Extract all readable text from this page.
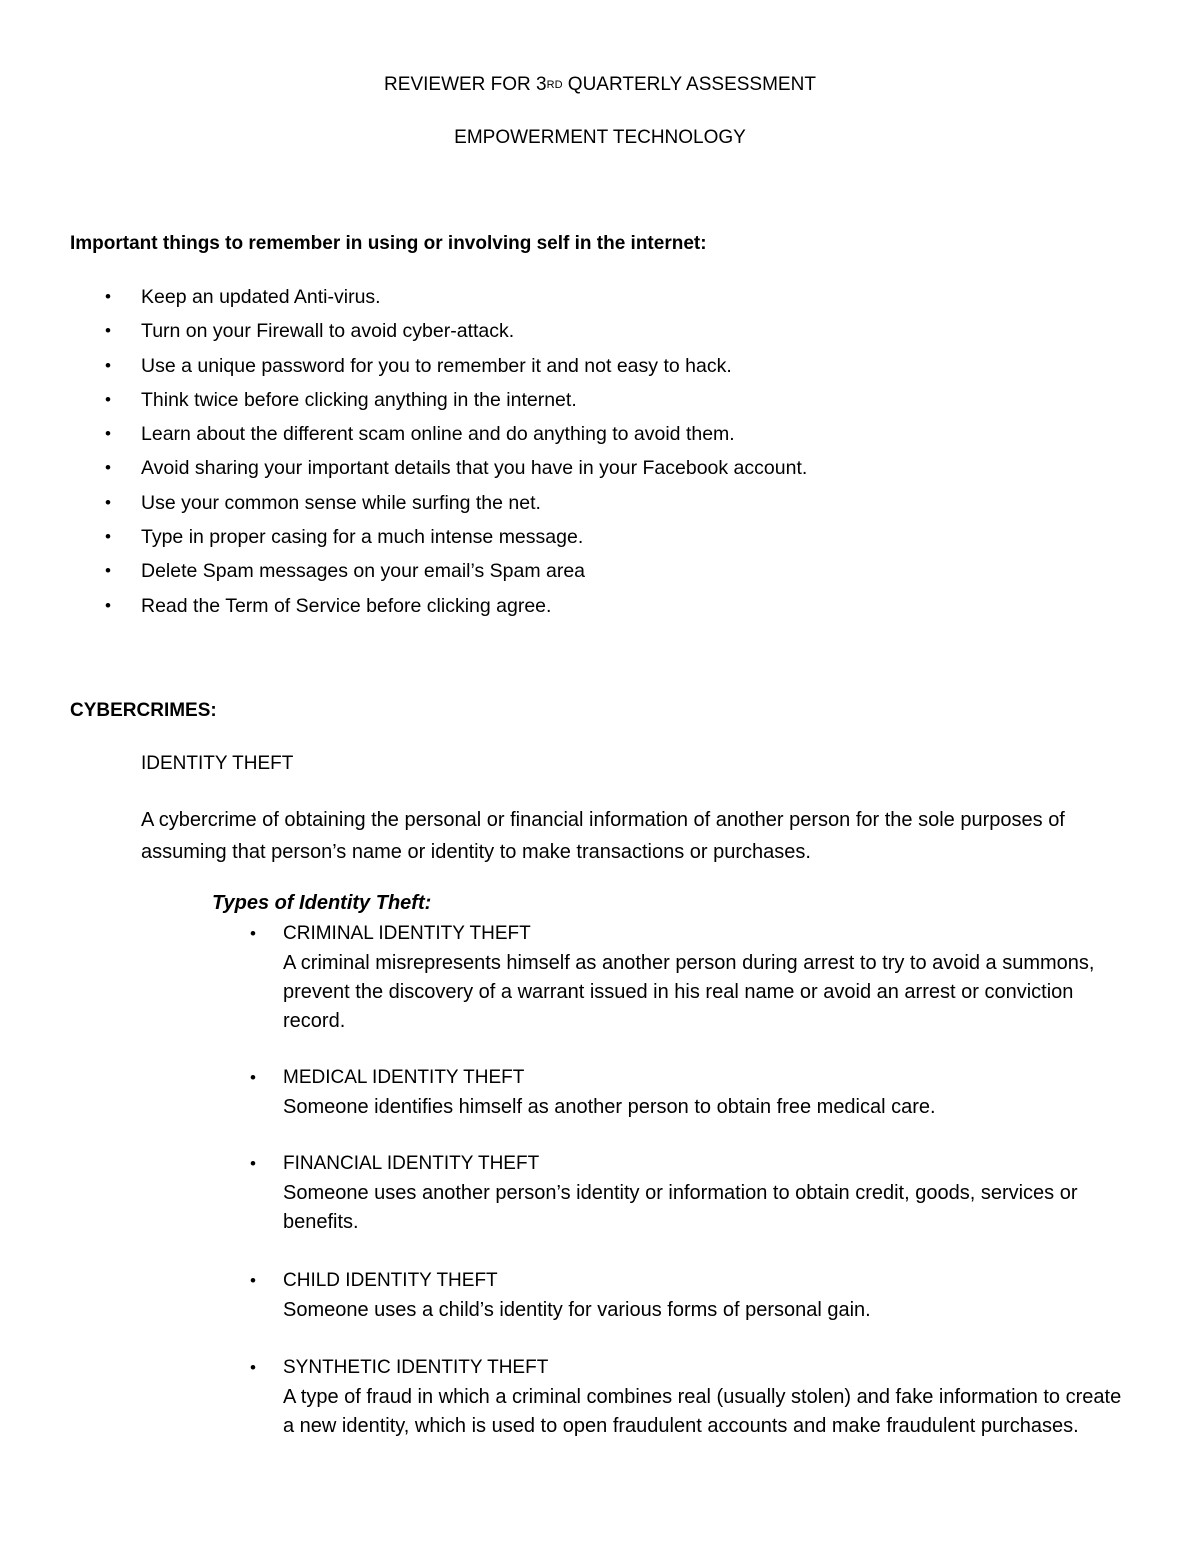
REVIEWER FOR 3RD QUARTERLY ASSESSMENT
EMPOWERMENT TECHNOLOGY
Important things to remember in using or involving self in the internet:
• Keep an updated Anti-virus.
• Turn on your Firewall to avoid cyber-attack.
• Use a unique password for you to remember it and not easy to hack.
• Think twice before clicking anything in the internet.
• Learn about the different scam online and do anything to avoid them.
• Avoid sharing your important details that you have in your Facebook account.
• Use your common sense while surfing the net.
• Type in proper casing for a much intense message.
• Delete Spam messages on your email’s Spam area
• Read the Term of Service before clicking agree.
CYBERCRIMES:
IDENTITY THEFT

A cybercrime of obtaining the personal or financial information of another person for the sole purposes of assuming that person’s name or identity to make transactions or purchases.

Types of Identity Theft:
• CRIMINAL IDENTITY THEFT

A criminal misrepresents himself as another person during arrest to try to avoid a summons, prevent the discovery of a warrant issued in his real name or avoid an arrest or conviction record.

• MEDICAL IDENTITY THEFT

Someone identifies himself as another person to obtain free medical care.

• FINANCIAL IDENTITY THEFT

Someone uses another person’s identity or information to obtain credit, goods, services or benefits.

• CHILD IDENTITY THEFT

Someone uses a child’s identity for various forms of personal gain.

• SYNTHETIC IDENTITY THEFT

A type of fraud in which a criminal combines real (usually stolen) and fake information to create a new identity, which is used to open fraudulent accounts and make fraudulent purchases.
